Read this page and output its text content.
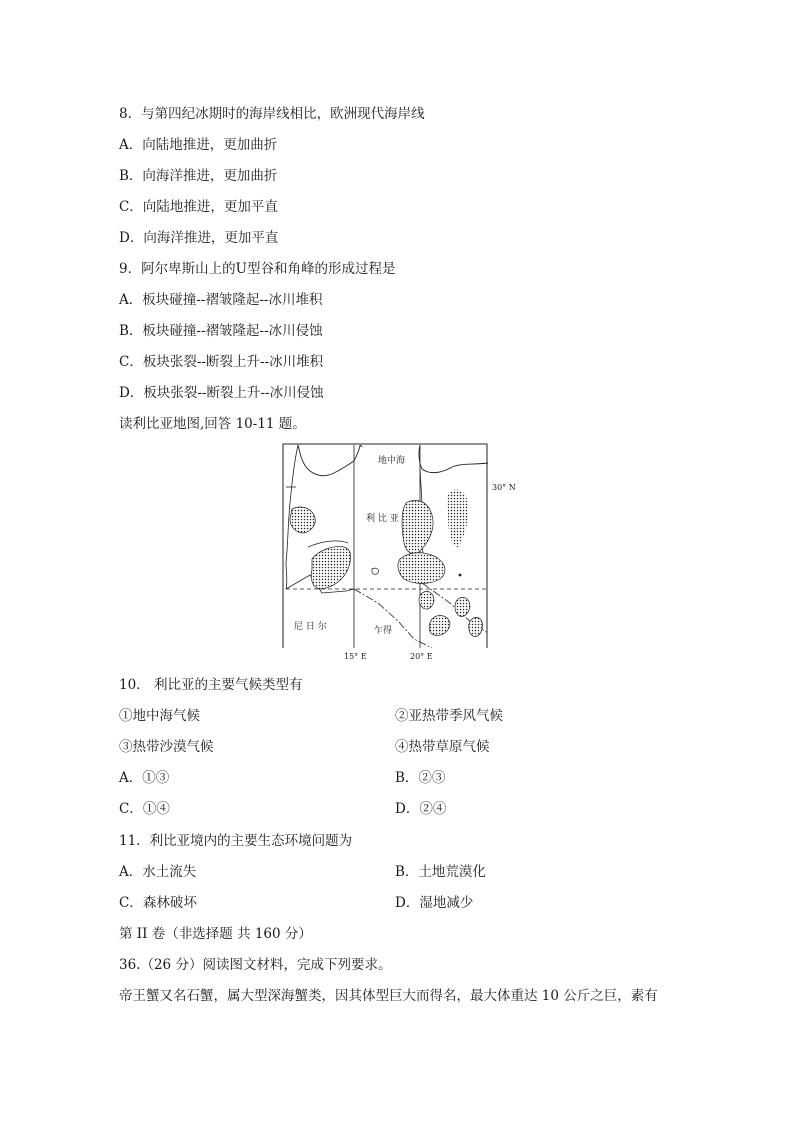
8．与第四纪冰期时的海岸线相比，欧洲现代海岸线
A．向陆地推进，更加曲折
B．向海洋推进，更加曲折
C．向陆地推进，更加平直
D．向海洋推进，更加平直
9．阿尔卑斯山上的U型谷和角峰的形成过程是
A．板块碰撞--褶皱隆起--冰川堆积
B．板块碰撞--褶皱隆起--冰川侵蚀
C．板块张裂--断裂上升--冰川堆积
D．板块张裂--断裂上升--冰川侵蚀
读利比亚地图,回答 10-11 题。
地中海
利 比 亚
尼 日 尔	乍得
30° N
15° E	20° E
10． 利比亚的主要气候类型有
①地中海气候	②亚热带季风气候
③热带沙漠气候	④热带草原气候
A．①③	B．②③
C．①④	D．②④
11．利比亚境内的主要生态环境问题为
A．水土流失	B．土地荒漠化
C．森林破坏	D．湿地减少
第 II 卷（非选择题 共 160 分）
36.（26 分）阅读图文材料，完成下列要求。
帝王蟹又名石蟹，属大型深海蟹类，因其体型巨大而得名，最大体重达 10 公斤之巨，素有
